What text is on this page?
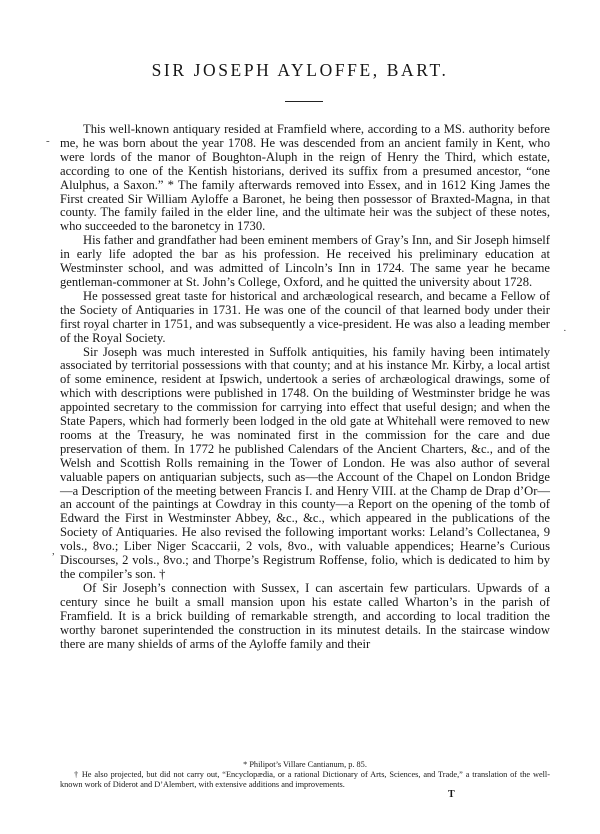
SIR JOSEPH AYLOFFE, BART.
-
·
,

This well-known antiquary resided at Framfield where, according to a MS. authority before me, he was born about the year 1708. He was descended from an ancient family in Kent, who were lords of the manor of Boughton-Aluph in the reign of Henry the Third, which estate, according to one of the Kentish historians, derived its suffix from a presumed ancestor, “one Alulphus, a Saxon.” * The family afterwards removed into Essex, and in 1612 King James the First created Sir William Ayloffe a Baronet, he being then possessor of Braxted-Magna, in that county. The family failed in the elder line, and the ultimate heir was the subject of these notes, who succeeded to the baronetcy in 1730.

His father and grandfather had been eminent members of Gray’s Inn, and Sir Joseph himself in early life adopted the bar as his profession. He received his preliminary education at Westminster school, and was admitted of Lincoln’s Inn in 1724. The same year he became gentleman-commoner at St. John’s College, Oxford, and he quitted the university about 1728.

He possessed great taste for historical and archæological research, and became a Fellow of the Society of Antiquaries in 1731. He was one of the council of that learned body under their first royal charter in 1751, and was subsequently a vice-president. He was also a leading member of the Royal Society.

Sir Joseph was much interested in Suffolk antiquities, his family having been intimately associated by territorial possessions with that county; and at his instance Mr. Kirby, a local artist of some eminence, resident at Ipswich, undertook a series of archæological drawings, some of which with descriptions were published in 1748. On the building of Westminster bridge he was appointed secretary to the commission for carrying into effect that useful design; and when the State Papers, which had formerly been lodged in the old gate at Whitehall were removed to new rooms at the Treasury, he was nominated first in the commission for the care and due preservation of them. In 1772 he published Calendars of the Ancient Charters, &c., and of the Welsh and Scottish Rolls remaining in the Tower of London. He was also author of several valuable papers on antiquarian subjects, such as—the Account of the Chapel on London Bridge—a Description of the meeting between Francis I. and Henry VIII. at the Champ de Drap d’Or—an account of the paintings at Cowdray in this county—a Report on the opening of the tomb of Edward the First in Westminster Abbey, &c., &c., which appeared in the publications of the Society of Antiquaries. He also revised the following important works: Leland’s Collectanea, 9 vols., 8vo.; Liber Niger Scaccarii, 2 vols, 8vo., with valuable appendices; Hearne’s Curious Discourses, 2 vols., 8vo.; and Thorpe’s Registrum Roffense, folio, which is dedicated to him by the compiler’s son. †

Of Sir Joseph’s connection with Sussex, I can ascertain few particulars. Upwards of a century since he built a small mansion upon his estate called Wharton’s in the parish of Framfield. It is a brick building of remarkable strength, and according to local tradition the worthy baronet superintended the construction in its minutest details. In the staircase window there are many shields of arms of the Ayloffe family and their

* Philipot’s Villare Cantianum, p. 85.
† He also projected, but did not carry out, “Encyclopædia, or a rational Dictionary of Arts, Sciences, and Trade,” a translation of the well-known work of Diderot and D’Alembert, with extensive additions and improvements.
T
